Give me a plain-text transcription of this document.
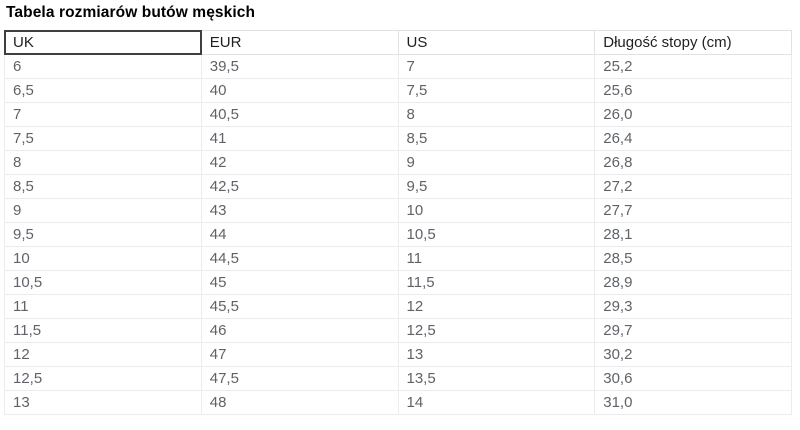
Tabela rozmiarów butów męskich
UK	EUR	US	Długość stopy (cm)
6	39,5	7	25,2
6,5	40	7,5	25,6
7	40,5	8	26,0
7,5	41	8,5	26,4
8	42	9	26,8
8,5	42,5	9,5	27,2
9	43	10	27,7
9,5	44	10,5	28,1
10	44,5	11	28,5
10,5	45	11,5	28,9
11	45,5	12	29,3
11,5	46	12,5	29,7
12	47	13	30,2
12,5	47,5	13,5	30,6
13	48	14	31,0
